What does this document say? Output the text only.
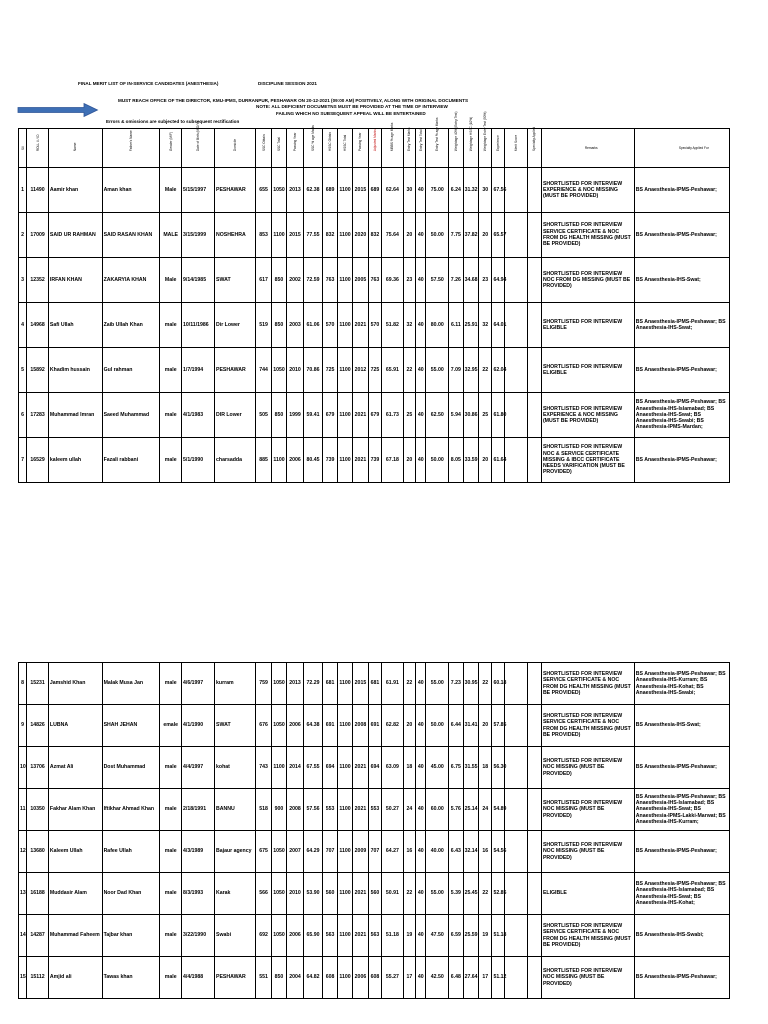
FINAL MERIT LIST OF IN-SERVICE CANDIDATES (ANESTHESIA)	DISCIPLINE SESSION 2021
MUST REACH OFFICE OF THE DIRECTOR, KMU-IPMS, DURRANPUR, PESHAWAR ON 20-12-2021 (09:00 AM) POSITIVELY, ALONG WITH ORIGINAL DOCUMENTS
NOTE: ALL DEFICIENT DOCUMETNS MUST BE PROVIDED AT THE TIME OF INTERVIEW
FAILING WHICH NO SUBSEQUENT APPEAL WILL BE ENTERTAINED
Errors & omissions are subjected to subsequent rectification
S#	ROLL # / ID	Name	Father's Name	Gender (M/F)	Date of Birth (M/D/Y)	Domicile	SSC Obtain	SSC Total	Passing Year	SSC % age Marks	HSSC Obtain	HSSC Total	Passing Year	Adjusted Marks	MBBS % age Marks	Entry Test Marks	Entry Test Total	Entry Test % age Marks	Weightage 40% (Entry Test)	Weightage HSSC (10%)	Weightage Entry Test (50%)	Experience	Merit Score	Specialty Applied	Remarks	Specialty Applied For

1	11490	Aamir khan	Aman khan	Male	5/15/1997	PESHAWAR	655	1050	2013	62.38	689	1100	2015	689	62.64	30	40	75.00	6.24	31.32	30	67.56			SHORTLISTED FOR INTERVIEW EXPERIENCE & NOC MISSING (MUST BE PROVIDED)	BS Anaesthesia-IPMS-Peshawar;
2	17009	SAID UR RAHMAN	SAID RASAN KHAN	MALE	3/15/1999	NOSHEHRA	853	1100	2015	77.55	832	1100	2020	832	75.64	20	40	50.00	7.75	37.82	20	65.57			SHORTLISTED FOR INTERVIEW SERVICE CERTIFICATE & NOC FROM DG HEALTH MISSING (MUST BE PROVIDED)	BS Anaesthesia-IPMS-Peshawar;
3	12352	IRFAN KHAN	ZAKARYIA KHAN	Male	9/14/1985	SWAT	617	850	2002	72.59	763	1100	2005	763	69.36	23	40	57.50	7.26	34.68	23	64.94			SHORTLISTED FOR INTERVIEW NOC FROM DG MISSING (MUST BE PROVIDED)	BS Anaesthesia-IHS-Swat;
4	14968	Safi Ullah	Zaib Ullah Khan	male	10/11/1986	Dir Lower	519	850	2003	61.06	570	1100	2021	570	51.82	32	40	80.00	6.11	25.91	32	64.01			SHORTLISTED FOR INTERVIEW ELIGIBLE	BS Anaesthesia-IPMS-Peshawar; BS Anaesthesia-IHS-Swat;
5	15892	Khadim hussain	Gul rahman	male	1/7/1994	PESHAWAR	744	1050	2010	70.86	725	1100	2012	725	65.91	22	40	55.00	7.09	32.95	22	62.04			SHORTLISTED FOR INTERVIEW ELIGIBLE	BS Anaesthesia-IPMS-Peshawar;
6	17283	Muhammad Imran	Saeed Muhammad	male	4/1/1983	DIR Lower	505	850	1999	59.41	679	1100	2021	679	61.73	25	40	62.50	5.94	30.86	25	61.80			SHORTLISTED FOR INTERVIEW EXPERIENCE & NOC MISSING (MUST BE PROVIDED)	BS Anaesthesia-IPMS-Peshawar; BS Anaesthesia-IHS-Islamabad; BS Anaesthesia-IHS-Swat; BS Anaesthesia-IHS-Swabi; BS Anaesthesia-IPMS-Mardan;
7	16529	kaleem ullah	Fazali rabbani	male	5/1/1990	charsadda	885	1100	2006	80.45	739	1100	2021	739	67.18	20	40	50.00	8.05	33.59	20	61.64			SHORTLISTED FOR INTERVIEW NOC & SERVICE CERTIFICATE MISSING & IBCC CERTIFICATE NEEDS VARIFICATION (MUST BE PROVIDED)	BS Anaesthesia-IPMS-Peshawar;
8	15231	Jamshid Khan	Malak Musa Jan	male	4/6/1997	kurram	759	1050	2013	72.29	681	1100	2015	681	61.91	22	40	55.00	7.23	30.95	22	60.18			SHORTLISTED FOR INTERVIEW SERVICE CERTIFICATE & NOC FROM DG HEALTH MISSING (MUST BE PROVIDED)	BS Anaesthesia-IPMS-Peshawar; BS Anaesthesia-IHS-Kurram; BS Anaesthesia-IHS-Kohat; BS Anaesthesia-IHS-Swabi;
9	14826	LUBNA	SHAH JEHAN	emale	4/1/1990	SWAT	676	1050	2006	64.38	691	1100	2008	691	62.82	20	40	50.00	6.44	31.41	20	57.85			SHORTLISTED FOR INTERVIEW SERVICE CERTIFICATE & NOC FROM DG HEALTH MISSING (MUST BE PROVIDED)	BS Anaesthesia-IHS-Swat;
10	13706	Azmat Ali	Dost Muhammad	male	4/4/1997	kohat	743	1100	2014	67.55	694	1100	2021	694	63.09	18	40	45.00	6.75	31.55	18	56.30			SHORTLISTED FOR INTERVIEW NOC MISSING (MUST BE PROVIDED)	BS Anaesthesia-IPMS-Peshawar;
11	10350	Fakhar Alam Khan	Iftikhar Ahmad Khan	male	2/18/1991	BANNU	518	900	2008	57.56	553	1100	2021	553	50.27	24	40	60.00	5.76	25.14	24	54.89			SHORTLISTED FOR INTERVIEW NOC MISSING (MUST BE PROVIDED)	BS Anaesthesia-IPMS-Peshawar; BS Anaesthesia-IHS-Islamabad; BS Anaesthesia-IHS-Swat; BS Anaesthesia-IPMS-Lakki-Marwat; BS Anaesthesia-IHS-Kurram;
12	13680	Kaleem Ullah	Rafee Ullah	male	4/3/1989	Bajaur agency	675	1050	2007	64.29	707	1100	2009	707	64.27	16	40	40.00	6.43	32.14	16	54.56			SHORTLISTED FOR INTERVIEW NOC MISSING (MUST BE PROVIDED)	BS Anaesthesia-IPMS-Peshawar;
13	16188	Muddasir Alam	Noor Dad Khan	male	8/3/1993	Karak	566	1050	2010	53.90	560	1100	2021	560	50.91	22	40	55.00	5.39	25.45	22	52.85			ELIGIBLE	BS Anaesthesia-IPMS-Peshawar; BS Anaesthesia-IHS-Islamabad; BS Anaesthesia-IHS-Swat; BS Anaesthesia-IHS-Kohat;
14	14287	Muhammad Faheem	Tajbar khan	male	3/22/1990	Swabi	692	1050	2006	65.90	563	1100	2021	563	51.18	19	40	47.50	6.59	25.59	19	51.18			SHORTLISTED FOR INTERVIEW SERVICE CERTIFICATE & NOC FROM DG HEALTH MISSING (MUST BE PROVIDED)	BS Anaesthesia-IHS-Swabi;
15	15112	Amjid ali	Tawas khan	male	4/4/1988	PESHAWAR	551	850	2004	64.82	608	1100	2006	608	55.27	17	40	42.50	6.48	27.64	17	51.12			SHORTLISTED FOR INTERVIEW NOC MISSING (MUST BE PROVIDED)	BS Anaesthesia-IPMS-Peshawar;
